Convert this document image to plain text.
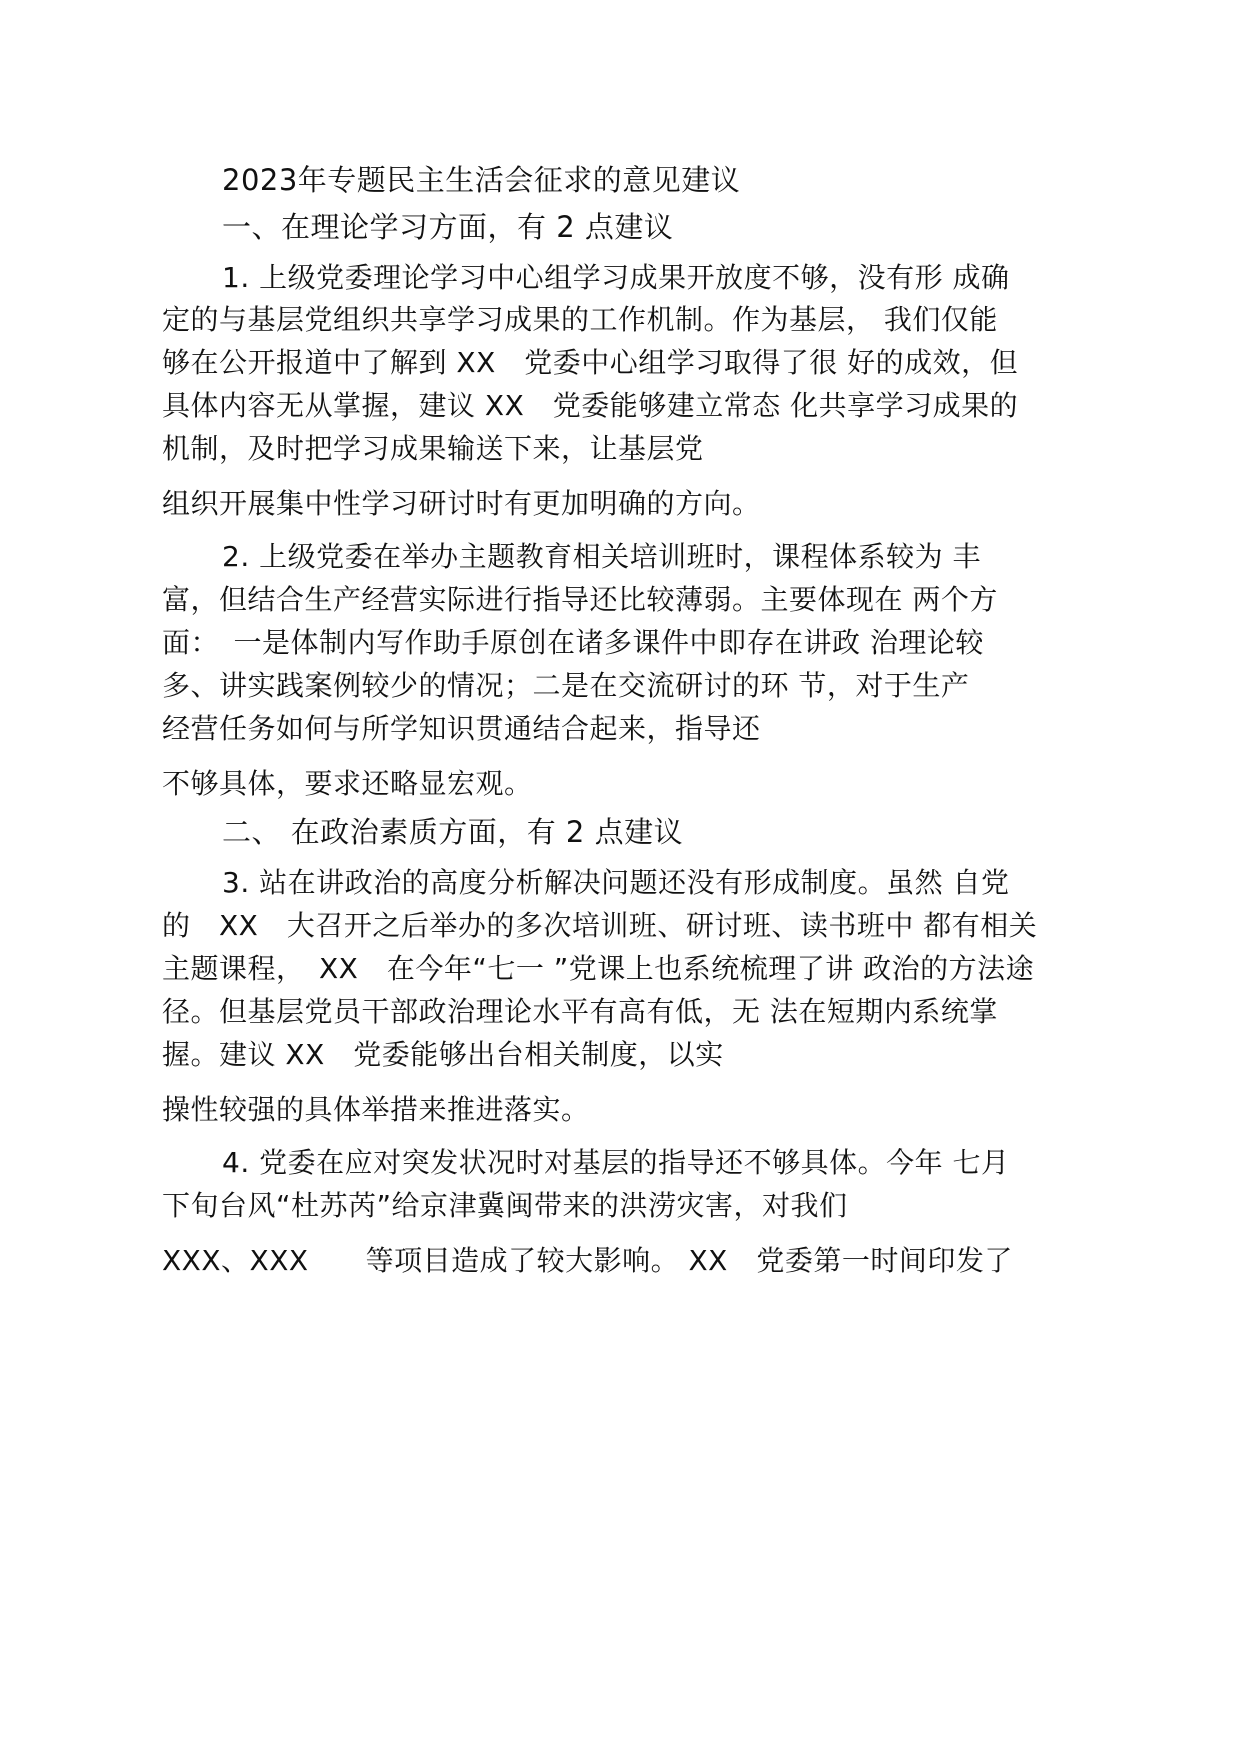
2023年专题民主生活会征求的意见建议
一、在理论学习方面，有 2 点建议
1. 上级党委理论学习中心组学习成果开放度不够，没有形 成确
定的与基层党组织共享学习成果的工作机制。作为基层， 我们仅能
够在公开报道中了解到 XX　党委中心组学习取得了很 好的成效，但
具体内容无从掌握，建议 XX　党委能够建立常态 化共享学习成果的
机制，及时把学习成果输送下来，让基层党
组织开展集中性学习研讨时有更加明确的方向。
2. 上级党委在举办主题教育相关培训班时，课程体系较为 丰
富，但结合生产经营实际进行指导还比较薄弱。主要体现在 两个方
面：　一是体制内写作助手原创在诸多课件中即存在讲政 治理论较
多、讲实践案例较少的情况；二是在交流研讨的环 节，对于生产
经营任务如何与所学知识贯通结合起来，指导还
不够具体，要求还略显宏观。
二、 在政治素质方面，有 2 点建议
3. 站在讲政治的高度分析解决问题还没有形成制度。虽然 自党
的　XX　大召开之后举办的多次培训班、研讨班、读书班中 都有相关
主题课程，　XX　在今年“七一 ”党课上也系统梳理了讲 政治的方法途
径。但基层党员干部政治理论水平有高有低，无 法在短期内系统掌
握。建议 XX　党委能够出台相关制度，以实
操性较强的具体举措来推进落实。
4. 党委在应对突发状况时对基层的指导还不够具体。今年 七月
下旬台风“杜苏芮”给京津冀闽带来的洪涝灾害，对我们
XXX、XXX　　等项目造成了较大影响。 XX　党委第一时间印发了
